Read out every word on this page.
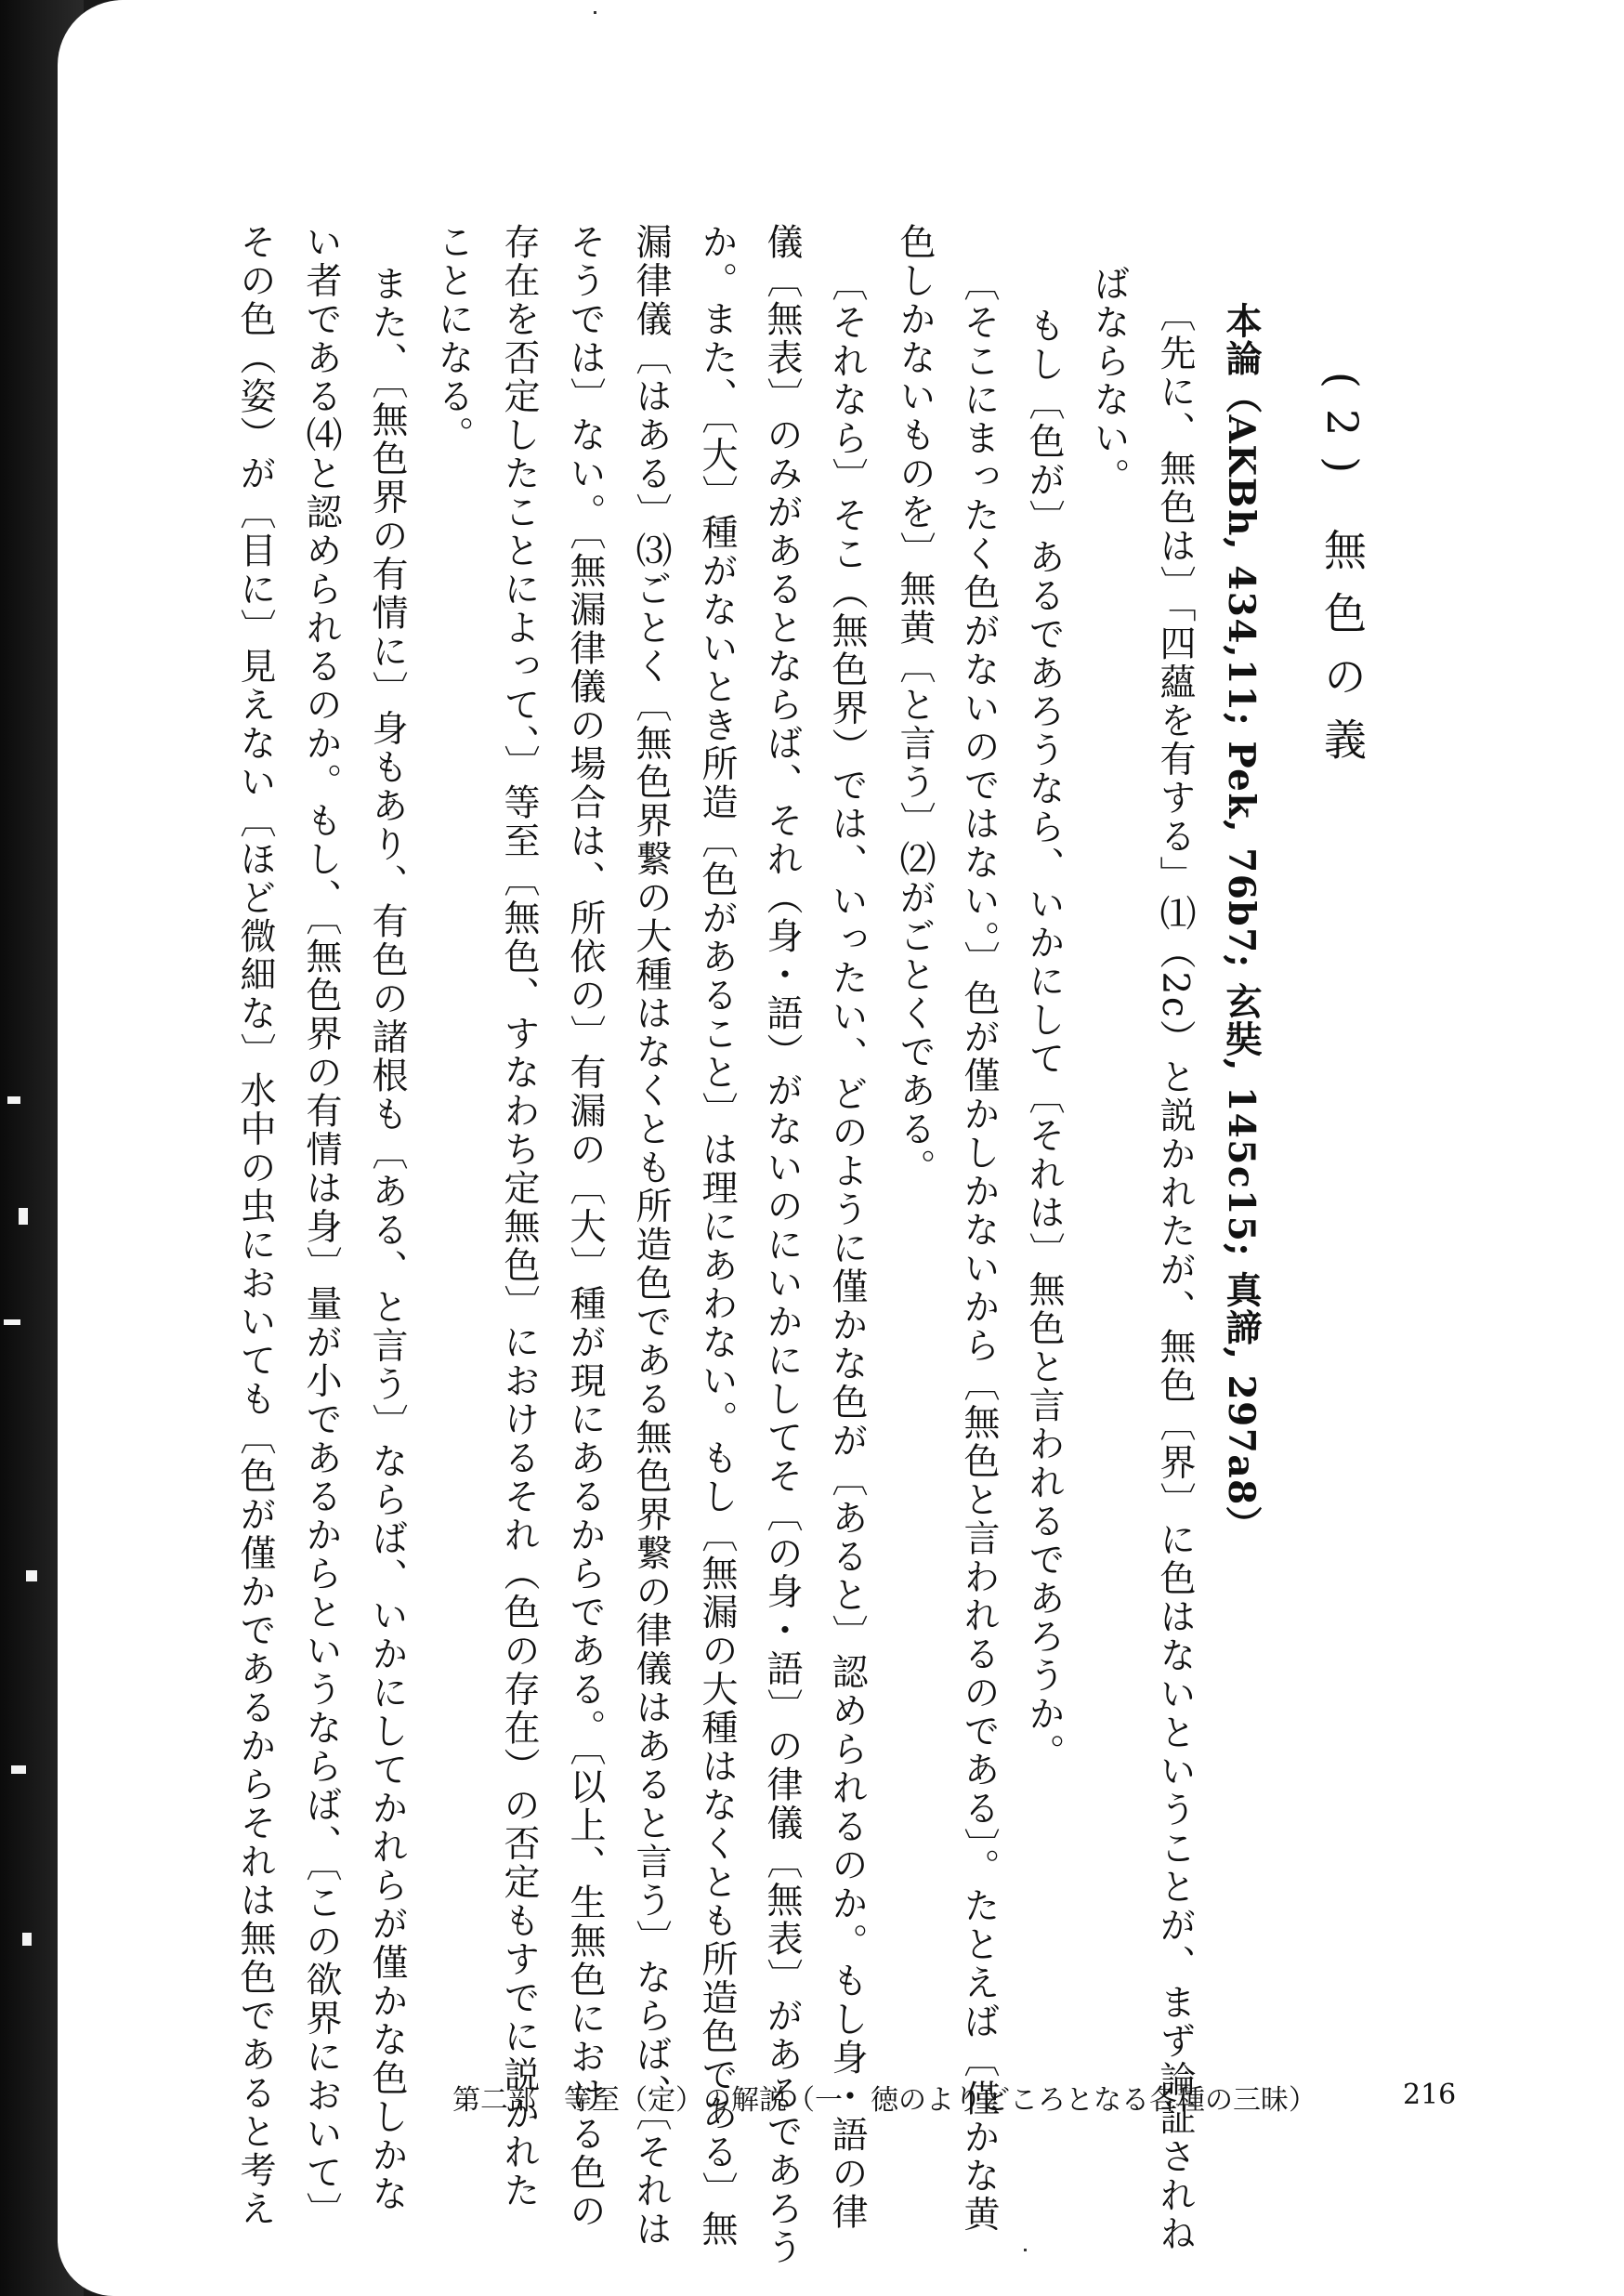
(2) 無色の義
本論（AKBh, 434,11; Pek, 76b7; 玄奘, 145c15; 真諦, 297a8）
〔先に、無色は〕「四蘊を有する」⑴（2c）と説かれたが、無色〔界〕に色はないということが、まず論証されね
ばならない。
もし〔色が〕あるであろうなら、いかにして〔それは〕無色と言われるであろうか。
〔そこにまったく色がないのではない。〕色が僅かしかないから〔無色と言われるのである〕。たとえば〔僅かな黄
色しかないものを〕無黄〔と言う〕⑵がごとくである。
〔それなら〕そこ（無色界）では、いったい、どのように僅かな色が〔あると〕認められるのか。もし身・語の律
儀〔無表〕のみがあるとならば、それ（身・語）がないのにいかにしてそ〔の身・語〕の律儀〔無表〕があるであろう
か。また、〔大〕種がないとき所造〔色があること〕は理にあわない。もし〔無漏の大種はなくとも所造色である〕無
漏律儀〔はある〕⑶ごとく〔無色界繋の大種はなくとも所造色である無色界繋の律儀はあると言う〕ならば、〔それは
そうでは〕ない。〔無漏律儀の場合は、所依の〕有漏の〔大〕種が現にあるからである。〔以上、生無色における色の
存在を否定したことによって、〕等至〔無色、すなわち定無色〕におけるそれ（色の存在）の否定もすでに説かれた
ことになる。
また、〔無色界の有情に〕身もあり、有色の諸根も〔ある、と言う〕ならば、いかにしてかれらが僅かな色しかな
い者である⑷と認められるのか。もし、〔無色界の有情は身〕量が小であるからというならば、〔この欲界において〕
その色（姿）が〔目に〕見えない〔ほど微細な〕水中の虫においても〔色が僅かであるからそれは無色であると考え	第二部　等至（定）の解説（一　徳のよりどころとなる各種の三昧）	216
